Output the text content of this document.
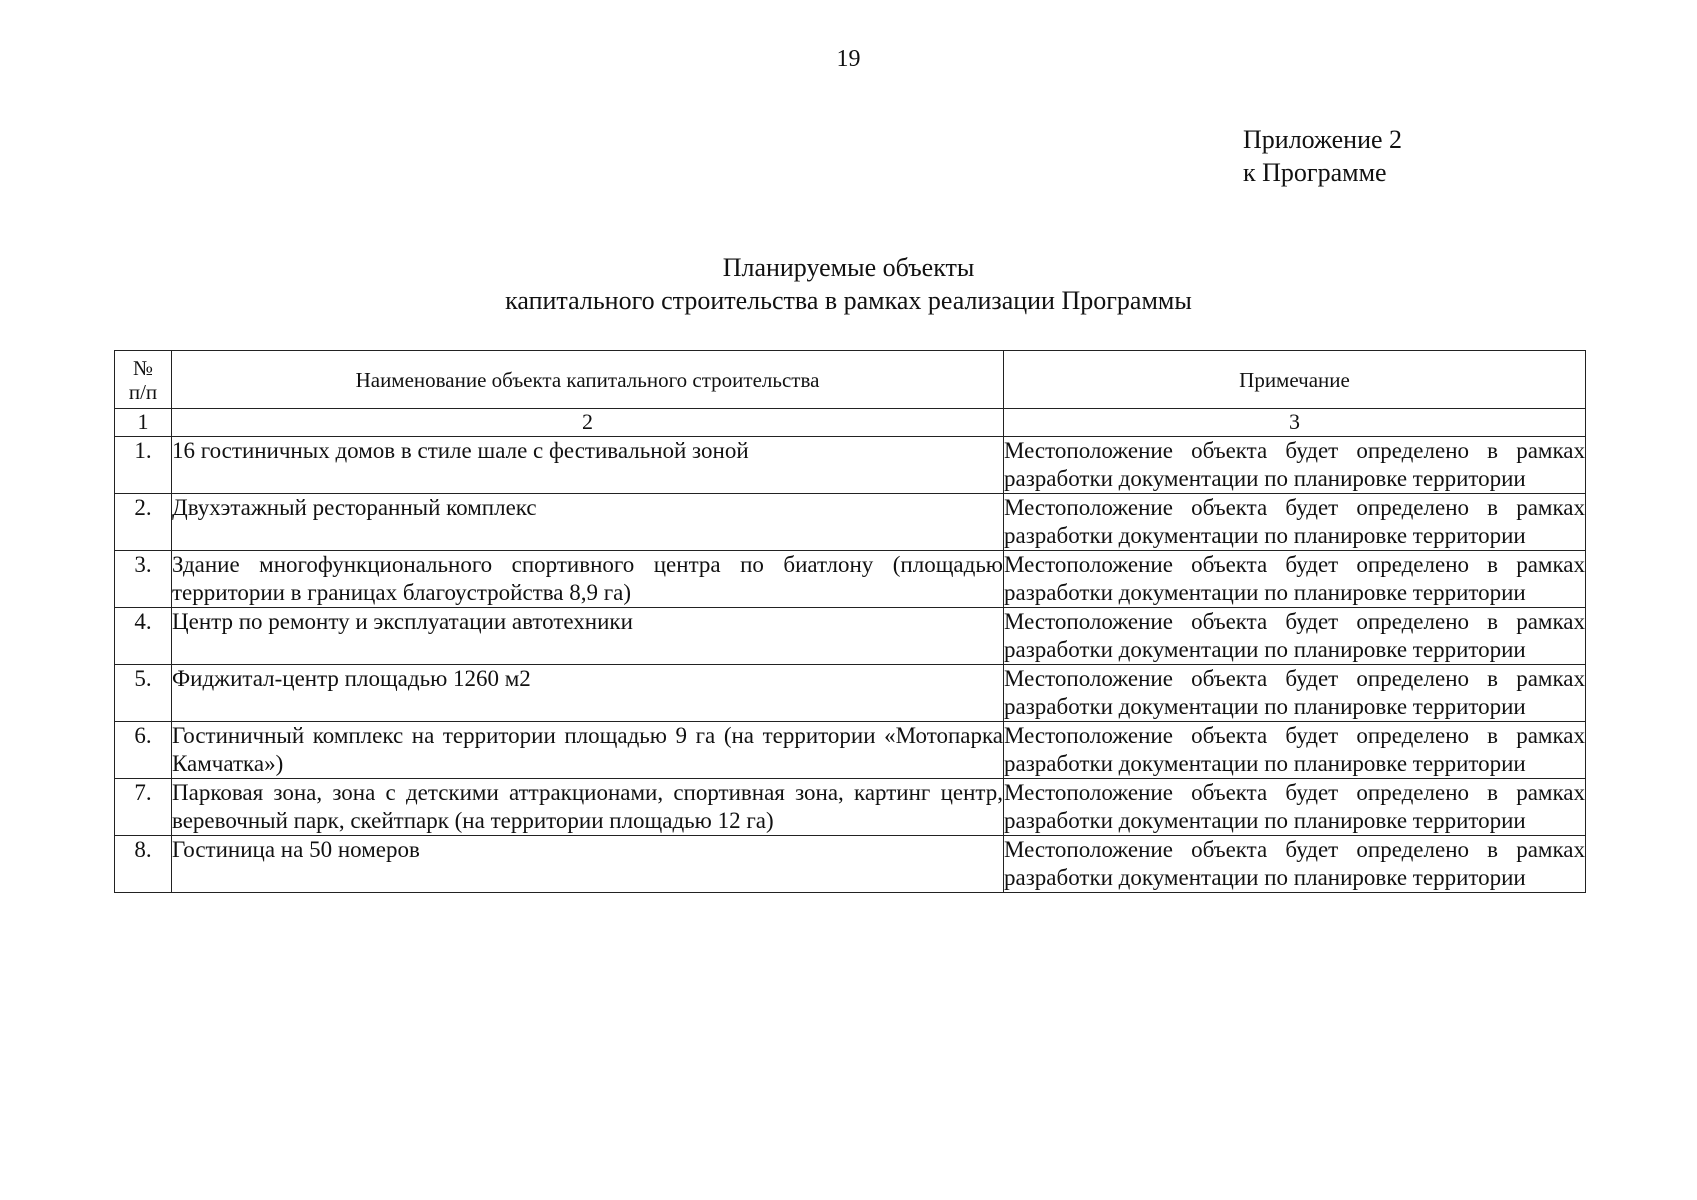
19
Приложение 2
к Программе
Планируемые объекты
капитального строительства в рамках реализации Программы
№
п/п	Наименование объекта капитального строительства	Примечание
1	2	3
1.	16 гостиничных домов в стиле шале с фестивальной зоной	Местоположение объекта будет определено в рамках разработки документации по планировке территории
2.	Двухэтажный ресторанный комплекс	Местоположение объекта будет определено в рамках разработки документации по планировке территории
3.	Здание многофункционального спортивного центра по биатлону (площадью территории в границах благоустройства 8,9 га)	Местоположение объекта будет определено в рамках разработки документации по планировке территории
4.	Центр по ремонту и эксплуатации автотехники	Местоположение объекта будет определено в рамках разработки документации по планировке территории
5.	Фиджитал-центр площадью 1260 м2	Местоположение объекта будет определено в рамках разработки документации по планировке территории
6.	Гостиничный комплекс на территории площадью 9 га (на территории «Мотопарка Камчатка»)	Местоположение объекта будет определено в рамках разработки документации по планировке территории
7.	Парковая зона, зона с детскими аттракционами, спортивная зона, картинг центр, веревочный парк, скейтпарк (на территории площадью 12 га)	Местоположение объекта будет определено в рамках разработки документации по планировке территории
8.	Гостиница на 50 номеров	Местоположение объекта будет определено в рамках разработки документации по планировке территории
